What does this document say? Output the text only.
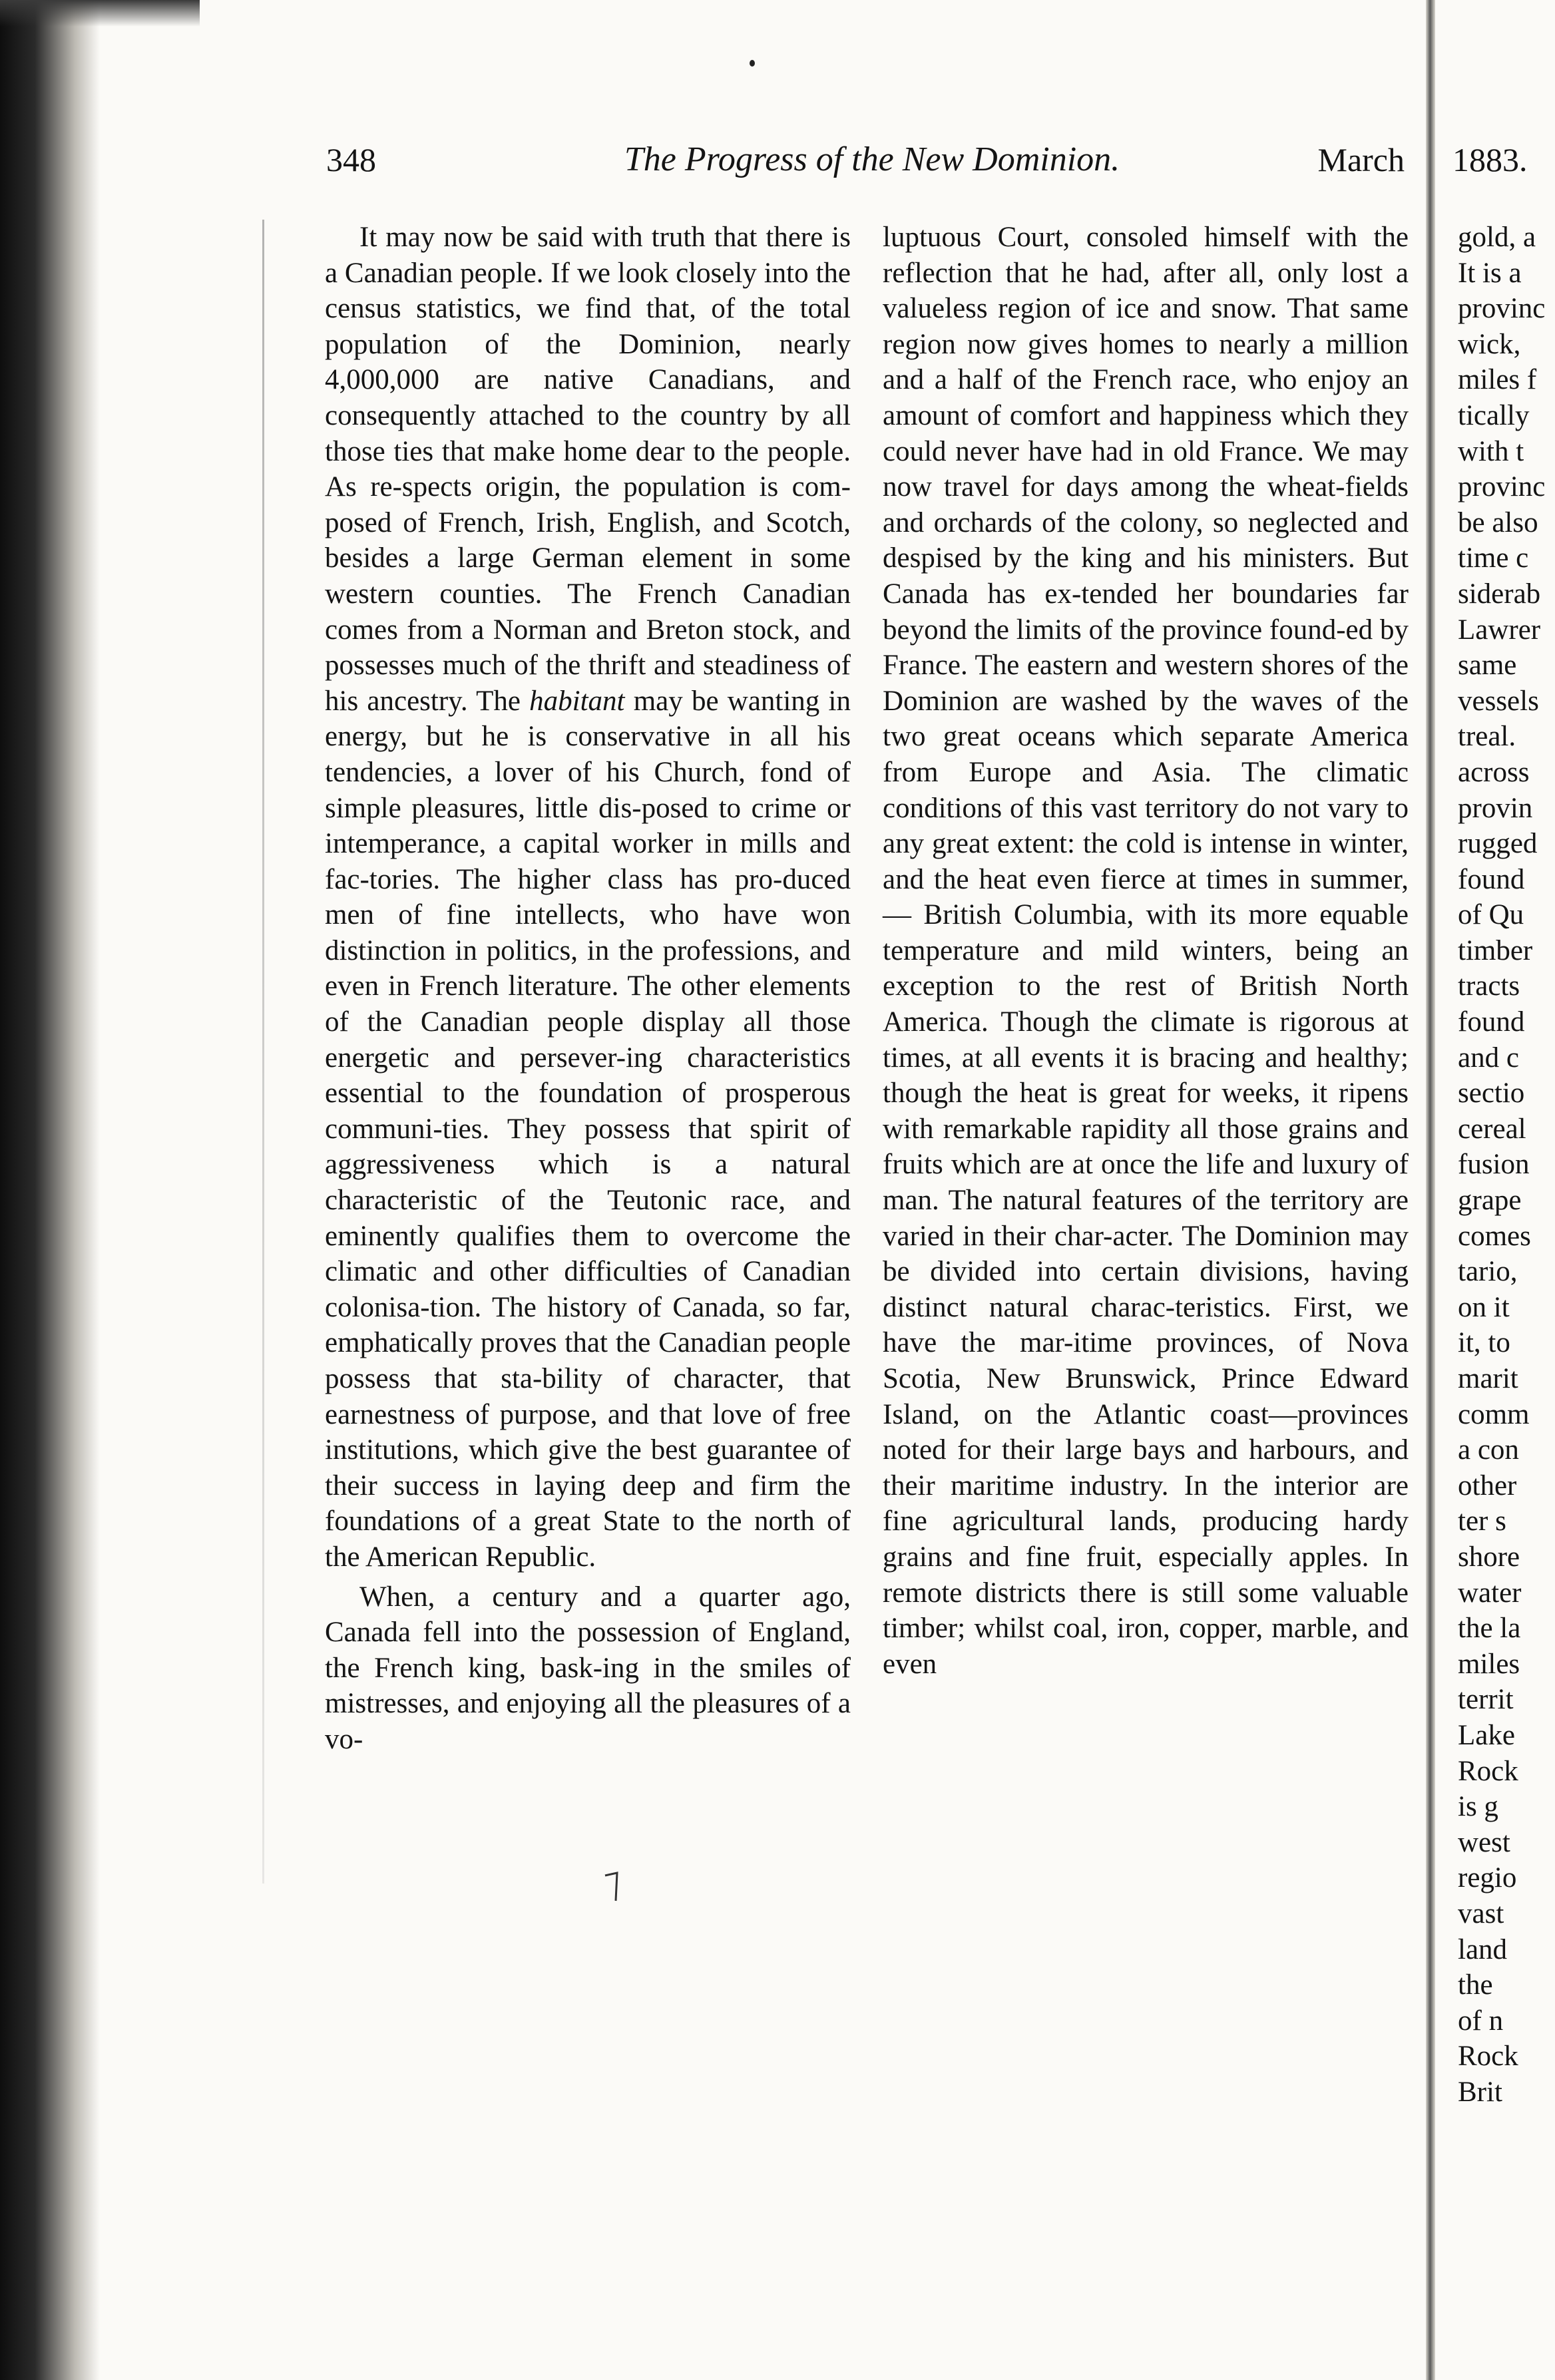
348	The Progress of the New Dominion.	March

It may now be said with truth that there is a Canadian people. If we look closely into the census statistics, we find that, of the total population of the Dominion, nearly 4,000,000 are native Canadians, and consequently attached to the country by all those ties that make home dear to the people. As re-spects origin, the population is com-posed of French, Irish, English, and Scotch, besides a large German element in some western counties. The French Canadian comes from a Norman and Breton stock, and possesses much of the thrift and steadiness of his ancestry. The habitant may be wanting in energy, but he is conservative in all his tendencies, a lover of his Church, fond of simple pleasures, little dis-posed to crime or intemperance, a capital worker in mills and fac-tories. The higher class has pro-duced men of fine intellects, who have won distinction in politics, in the professions, and even in French literature. The other elements of the Canadian people display all those energetic and persever-ing characteristics essential to the foundation of prosperous communi-ties. They possess that spirit of aggressiveness which is a natural characteristic of the Teutonic race, and eminently qualifies them to overcome the climatic and other difficulties of Canadian colonisa-tion. The history of Canada, so far, emphatically proves that the Canadian people possess that sta-bility of character, that earnestness of purpose, and that love of free institutions, which give the best guarantee of their success in laying deep and firm the foundations of a great State to the north of the American Republic.

When, a century and a quarter ago, Canada fell into the possession of England, the French king, bask-ing in the smiles of mistresses, and enjoying all the pleasures of a vo-

luptuous Court, consoled himself with the reflection that he had, after all, only lost a valueless region of ice and snow. That same region now gives homes to nearly a million and a half of the French race, who enjoy an amount of comfort and happiness which they could never have had in old France. We may now travel for days among the wheat-fields and orchards of the colony, so neglected and despised by the king and his ministers. But Canada has ex-tended her boundaries far beyond the limits of the province found-ed by France. The eastern and western shores of the Dominion are washed by the waves of the two great oceans which separate America from Europe and Asia. The climatic conditions of this vast territory do not vary to any great extent: the cold is intense in winter, and the heat even fierce at times in summer, — British Columbia, with its more equable temperature and mild winters, being an exception to the rest of British North America. Though the climate is rigorous at times, at all events it is bracing and healthy; though the heat is great for weeks, it ripens with remarkable rapidity all those grains and fruits which are at once the life and luxury of man. The natural features of the territory are varied in their char-acter. The Dominion may be divided into certain divisions, having distinct natural charac-teristics. First, we have the mar-itime provinces, of Nova Scotia, New Brunswick, Prince Edward Island, on the Atlantic coast—provinces noted for their large bays and harbours, and their maritime industry. In the interior are fine agricultural lands, producing hardy grains and fine fruit, especially apples. In remote districts there is still some valuable timber; whilst coal, iron, copper, marble, and even

1883.
gold, a
It is a
provinc
wick,
miles f
tically
with t
provinc
be also
time c
siderab
Lawrer
same
vessels
treal.
across
provin
rugged
found
of Qu
timber
tracts
found
and c
sectio
cereal
fusion
grape
comes
tario,
on it
it, to
marit
comm
a con
other
ter s
shore
water
the la
miles
territ
Lake
Rock
is g
west
regio
vast
land
the
of n
Rock
Brit
